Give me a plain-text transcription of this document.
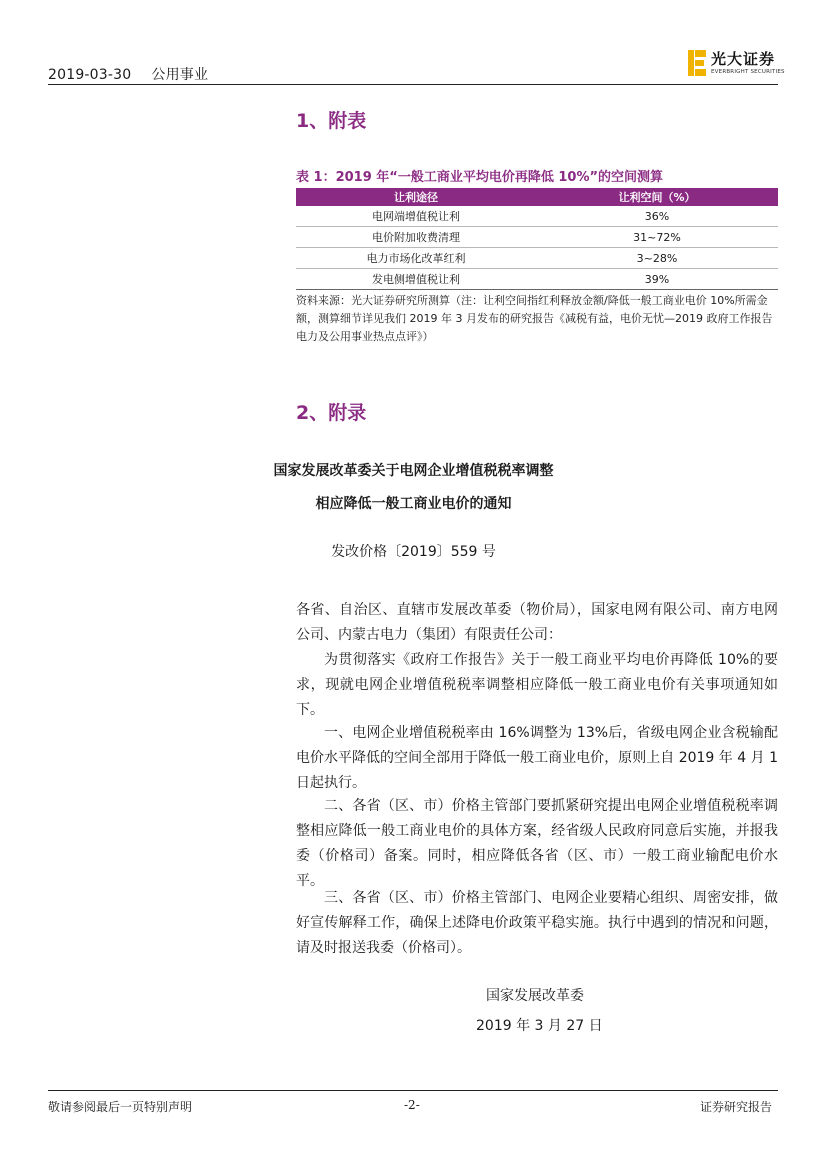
2019-03-30 公用事业
光大证券
EVERBRIGHT SECURITIES
1、附表
表 1：2019 年“一般工商业平均电价再降低 10%”的空间测算
让利途径	让利空间（%）
电网端增值税让利	36%
电价附加收费清理	31~72%
电力市场化改革红利	3~28%
发电侧增值税让利	39%
资料来源：光大证券研究所测算（注：让利空间指红利释放金额/降低一般工商业电价 10%所需金额，测算细节详见我们 2019 年 3 月发布的研究报告《减税有益，电价无忧—2019 政府工作报告电力及公用事业热点点评》）
2、附录
国家发展改革委关于电网企业增值税税率调整
相应降低一般工商业电价的通知
发改价格〔2019〕559 号
各省、自治区、直辖市发展改革委（物价局），国家电网有限公司、南方电网公司、内蒙古电力（集团）有限责任公司：
为贯彻落实《政府工作报告》关于一般工商业平均电价再降低 10%的要求，现就电网企业增值税税率调整相应降低一般工商业电价有关事项通知如下。
一、电网企业增值税税率由 16%调整为 13%后，省级电网企业含税输配电价水平降低的空间全部用于降低一般工商业电价，原则上自 2019 年 4 月 1 日起执行。
二、各省（区、市）价格主管部门要抓紧研究提出电网企业增值税税率调整相应降低一般工商业电价的具体方案，经省级人民政府同意后实施，并报我委（价格司）备案。同时，相应降低各省（区、市）一般工商业输配电价水平。
三、各省（区、市）价格主管部门、电网企业要精心组织、周密安排，做好宣传解释工作，确保上述降电价政策平稳实施。执行中遇到的情况和问题，请及时报送我委（价格司）。
国家发展改革委
2019 年 3 月 27 日
敬请参阅最后一页特别声明	-2-	证券研究报告
